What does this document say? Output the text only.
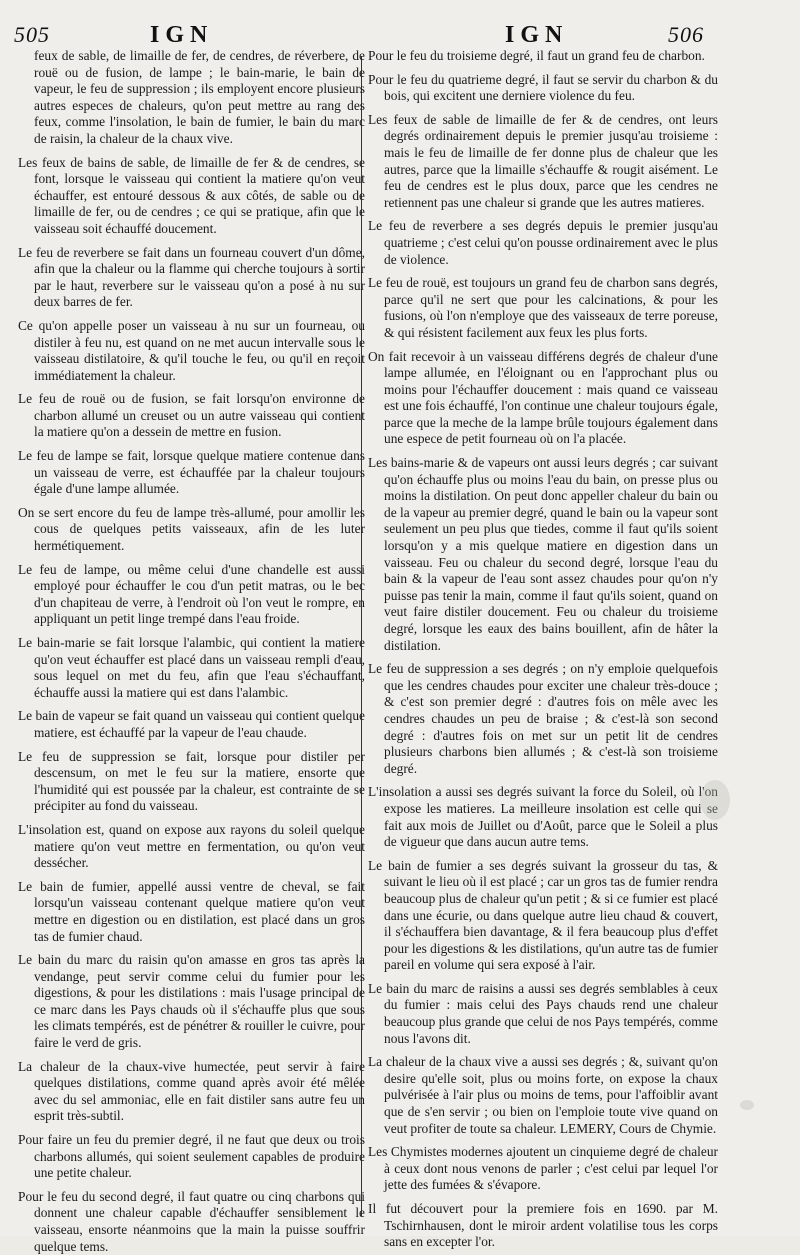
505	IGN	IGN	506

feux de sable, de limaille de fer, de cendres, de réverbere, de rouë ou de fusion, de lampe ; le bain-marie, le bain de vapeur, le feu de suppression ; ils employent encore plusieurs autres especes de chaleurs, qu'on peut mettre au rang des feux, comme l'insolation, le bain de fumier, le bain du marc de raisin, la chaleur de la chaux vive.

Les feux de bains de sable, de limaille de fer & de cendres, se font, lorsque le vaisseau qui contient la matiere qu'on veut échauffer, est entouré dessous & aux côtés, de sable ou de limaille de fer, ou de cendres ; ce qui se pratique, afin que le vaisseau soit échauffé doucement.

Le feu de reverbere se fait dans un fourneau couvert d'un dôme, afin que la chaleur ou la flamme qui cherche toujours à sortir par le haut, reverbere sur le vaisseau qu'on a posé à nu sur deux barres de fer.

Ce qu'on appelle poser un vaisseau à nu sur un fourneau, ou distiler à feu nu, est quand on ne met aucun intervalle sous le vaisseau distilatoire, & qu'il touche le feu, ou qu'il en reçoit immédiatement la chaleur.

Le feu de rouë ou de fusion, se fait lorsqu'on environne de charbon allumé un creuset ou un autre vaisseau qui contient la matiere qu'on a dessein de mettre en fusion.

Le feu de lampe se fait, lorsque quelque matiere contenue dans un vaisseau de verre, est échauffée par la chaleur toujours égale d'une lampe allumée.

On se sert encore du feu de lampe très-allumé, pour amollir les cous de quelques petits vaisseaux, afin de les luter hermétiquement.

Le feu de lampe, ou même celui d'une chandelle est aussi employé pour échauffer le cou d'un petit matras, ou le bec d'un chapiteau de verre, à l'endroit où l'on veut le rompre, en appliquant un petit linge trempé dans l'eau froide.

Le bain-marie se fait lorsque l'alambic, qui contient la matiere qu'on veut échauffer est placé dans un vaisseau rempli d'eau, sous lequel on met du feu, afin que l'eau s'échauffant, échauffe aussi la matiere qui est dans l'alambic.

Le bain de vapeur se fait quand un vaisseau qui contient quelque matiere, est échauffé par la vapeur de l'eau chaude.

Le feu de suppression se fait, lorsque pour distiler per descensum, on met le feu sur la matiere, ensorte que l'humidité qui est poussée par la chaleur, est contrainte de se précipiter au fond du vaisseau.

L'insolation est, quand on expose aux rayons du soleil quelque matiere qu'on veut mettre en fermentation, ou qu'on veut dessécher.

Le bain de fumier, appellé aussi ventre de cheval, se fait lorsqu'un vaisseau contenant quelque matiere qu'on veut mettre en digestion ou en distilation, est placé dans un gros tas de fumier chaud.

Le bain du marc du raisin qu'on amasse en gros tas après la vendange, peut servir comme celui du fumier pour les digestions, & pour les distilations : mais l'usage principal de ce marc dans les Pays chauds où il s'échauffe plus que sous les climats tempérés, est de pénétrer & rouiller le cuivre, pour faire le verd de gris.

La chaleur de la chaux-vive humectée, peut servir à faire quelques distilations, comme quand après avoir été mêlée avec du sel ammoniac, elle en fait distiler sans autre feu un esprit très-subtil.

Pour faire un feu du premier degré, il ne faut que deux ou trois charbons allumés, qui soient seulement capables de produire une petite chaleur.

Pour le feu du second degré, il faut quatre ou cinq charbons qui donnent une chaleur capable d'échauffer sensiblement le vaisseau, ensorte néanmoins que la main la puisse souffrir quelque tems.

Pour le feu du troisieme degré, il faut un grand feu de charbon.

Pour le feu du quatrieme degré, il faut se servir du charbon & du bois, qui excitent une derniere violence du feu.

Les feux de sable de limaille de fer & de cendres, ont leurs degrés ordinairement depuis le premier jusqu'au troisieme : mais le feu de limaille de fer donne plus de chaleur que les autres, parce que la limaille s'échauffe & rougit aisément. Le feu de cendres est le plus doux, parce que les cendres ne retiennent pas une chaleur si grande que les autres matieres.

Le feu de reverbere a ses degrés depuis le premier jusqu'au quatrieme ; c'est celui qu'on pousse ordinairement avec le plus de violence.

Le feu de rouë, est toujours un grand feu de charbon sans degrés, parce qu'il ne sert que pour les calcinations, & pour les fusions, où l'on n'employe que des vaisseaux de terre poreuse, & qui résistent facilement aux feux les plus forts.

On fait recevoir à un vaisseau différens degrés de chaleur d'une lampe allumée, en l'éloignant ou en l'approchant plus ou moins pour l'échauffer doucement : mais quand ce vaisseau est une fois échauffé, l'on continue une chaleur toujours égale, parce que la meche de la lampe brûle toujours également dans une espece de petit fourneau où on l'a placée.

Les bains-marie & de vapeurs ont aussi leurs degrés ; car suivant qu'on échauffe plus ou moins l'eau du bain, on presse plus ou moins la distilation. On peut donc appeller chaleur du bain ou de la vapeur au premier degré, quand le bain ou la vapeur sont seulement un peu plus que tiedes, comme il faut qu'ils soient lorsqu'on y a mis quelque matiere en digestion dans un vaisseau. Feu ou chaleur du second degré, lorsque l'eau du bain & la vapeur de l'eau sont assez chaudes pour qu'on n'y puisse pas tenir la main, comme il faut qu'ils soient, quand on veut faire distiler doucement. Feu ou chaleur du troisieme degré, lorsque les eaux des bains bouillent, afin de hâter la distilation.

Le feu de suppression a ses degrés ; on n'y emploie quelquefois que les cendres chaudes pour exciter une chaleur très-douce ; & c'est son premier degré : d'autres fois on mêle avec les cendres chaudes un peu de braise ; & c'est-là son second degré : d'autres fois on met sur un petit lit de cendres plusieurs charbons bien allumés ; & c'est-là son troisieme degré.

L'insolation a aussi ses degrés suivant la force du Soleil, où l'on expose les matieres. La meilleure insolation est celle qui se fait aux mois de Juillet ou d'Août, parce que le Soleil a plus de vigueur que dans aucun autre tems.

Le bain de fumier a ses degrés suivant la grosseur du tas, & suivant le lieu où il est placé ; car un gros tas de fumier rendra beaucoup plus de chaleur qu'un petit ; & si ce fumier est placé dans une écurie, ou dans quelque autre lieu chaud & couvert, il s'échauffera bien davantage, & il fera beaucoup plus d'effet pour les digestions & les distilations, qu'un autre tas de fumier pareil en volume qui sera exposé à l'air.

Le bain du marc de raisins a aussi ses degrés semblables à ceux du fumier : mais celui des Pays chauds rend une chaleur beaucoup plus grande que celui de nos Pays tempérés, comme nous l'avons dit.

La chaleur de la chaux vive a aussi ses degrés ; &, suivant qu'on desire qu'elle soit, plus ou moins forte, on expose la chaux pulvérisée à l'air plus ou moins de tems, pour l'affoiblir avant que de s'en servir ; ou bien on l'emploie toute vive quand on veut profiter de toute sa chaleur. LEMERY, Cours de Chymie.

Les Chymistes modernes ajoutent un cinquieme degré de chaleur à ceux dont nous venons de parler ; c'est celui par lequel l'or jette des fumées & s'évapore.

Il fut découvert pour la premiere fois en 1690. par M. Tschirnhausen, dont le miroir ardent volatilise tous les corps sans en excepter l'or.
